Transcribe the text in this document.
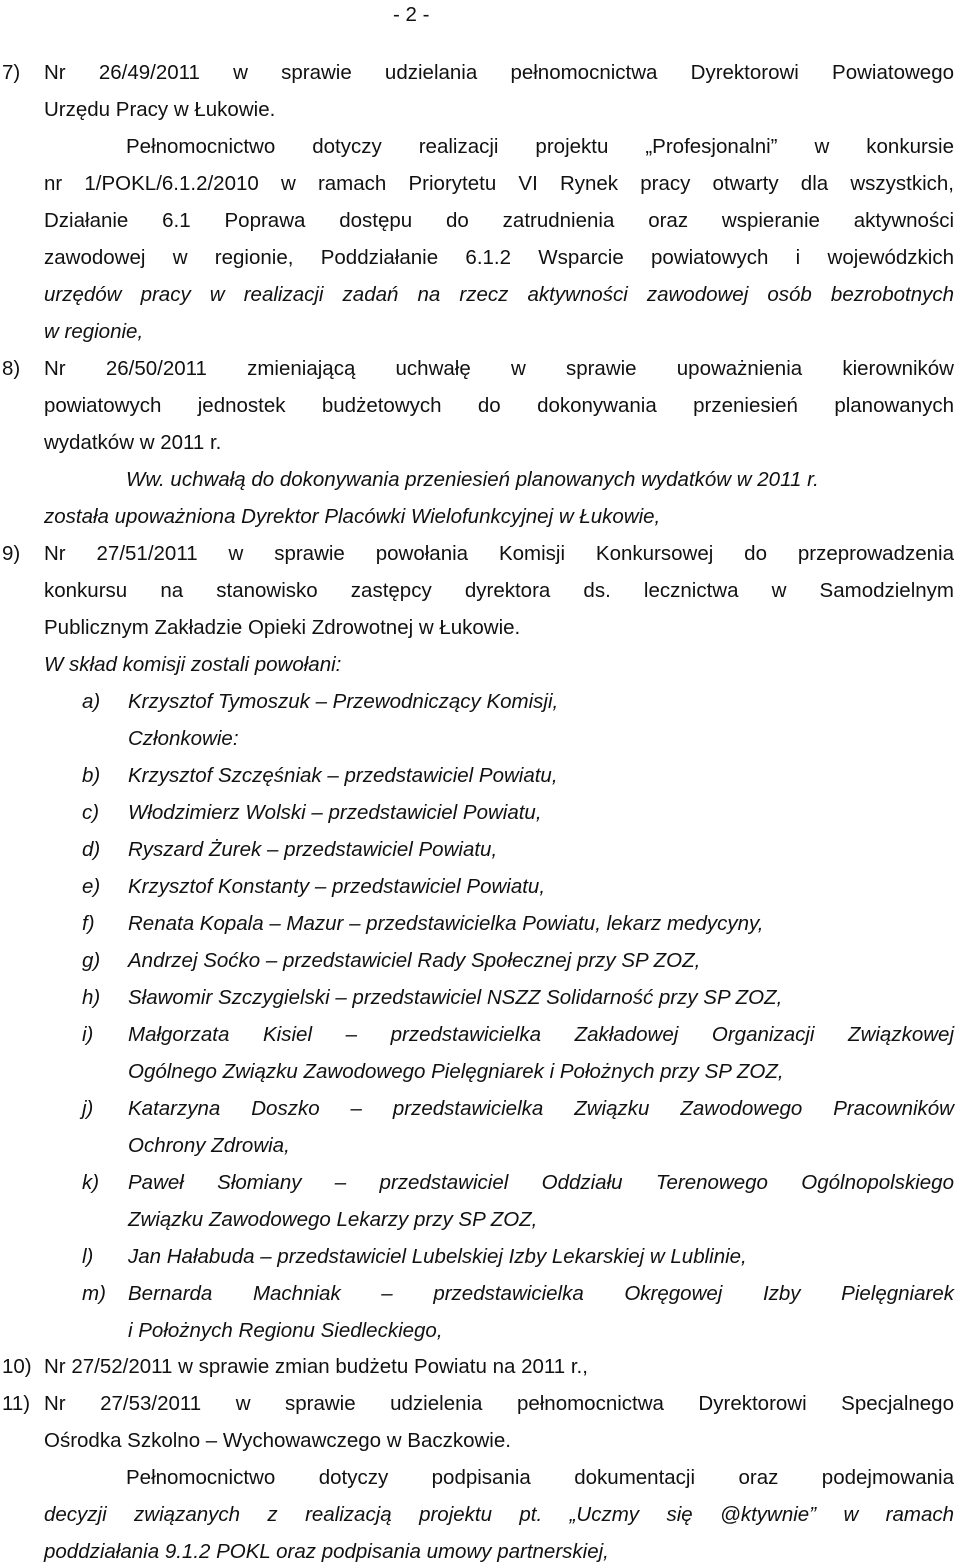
- 2 -
7) Nr 26/49/2011 w sprawie udzielania pełnomocnictwa Dyrektorowi Powiatowego
Urzędu Pracy w Łukowie.
Pełnomocnictwo dotyczy realizacji projektu „Profesjonalni” w konkursie
nr 1/POKL/6.1.2/2010 w ramach Priorytetu VI Rynek pracy otwarty dla wszystkich,
Działanie 6.1 Poprawa dostępu do zatrudnienia oraz wspieranie aktywności
zawodowej w regionie, Poddziałanie 6.1.2 Wsparcie powiatowych i wojewódzkich
urzędów pracy w realizacji zadań na rzecz aktywności zawodowej osób bezrobotnych
w regionie,
8) Nr 26/50/2011 zmieniającą uchwałę w sprawie upoważnienia kierowników
powiatowych jednostek budżetowych do dokonywania przeniesień planowanych
wydatków w 2011 r.
Ww. uchwałą do dokonywania przeniesień planowanych wydatków w 2011 r.
została upoważniona Dyrektor Placówki Wielofunkcyjnej w Łukowie,
9) Nr 27/51/2011 w sprawie powołania Komisji Konkursowej do przeprowadzenia
konkursu na stanowisko zastępcy dyrektora ds. lecznictwa w Samodzielnym
Publicznym Zakładzie Opieki Zdrowotnej w Łukowie.
W skład komisji zostali powołani:
a) Krzysztof Tymoszuk – Przewodniczący Komisji,
Członkowie:
b) Krzysztof Szczęśniak – przedstawiciel Powiatu,
c) Włodzimierz Wolski – przedstawiciel Powiatu,
d) Ryszard Żurek – przedstawiciel Powiatu,
e) Krzysztof Konstanty – przedstawiciel Powiatu,
f) Renata Kopala – Mazur – przedstawicielka Powiatu, lekarz medycyny,
g) Andrzej Soćko – przedstawiciel Rady Społecznej przy SP ZOZ,
h) Sławomir Szczygielski – przedstawiciel NSZZ Solidarność przy SP ZOZ,
i) Małgorzata Kisiel – przedstawicielka Zakładowej Organizacji Związkowej
Ogólnego Związku Zawodowego Pielęgniarek i Położnych przy SP ZOZ,
j) Katarzyna Doszko – przedstawicielka Związku Zawodowego Pracowników
Ochrony Zdrowia,
k) Paweł Słomiany – przedstawiciel Oddziału Terenowego Ogólnopolskiego
Związku Zawodowego Lekarzy przy SP ZOZ,
l) Jan Hałabuda – przedstawiciel Lubelskiej Izby Lekarskiej w Lublinie,
m) Bernarda Machniak – przedstawicielka Okręgowej Izby Pielęgniarek
i Położnych Regionu Siedleckiego,
10) Nr 27/52/2011 w sprawie zmian budżetu Powiatu na 2011 r.,
11) Nr 27/53/2011 w sprawie udzielenia pełnomocnictwa Dyrektorowi Specjalnego
Ośrodka Szkolno – Wychowawczego w Baczkowie.
Pełnomocnictwo dotyczy podpisania dokumentacji oraz podejmowania
decyzji związanych z realizacją projektu pt. „Uczmy się @ktywnie” w ramach
poddziałania 9.1.2 POKL oraz podpisania umowy partnerskiej,
